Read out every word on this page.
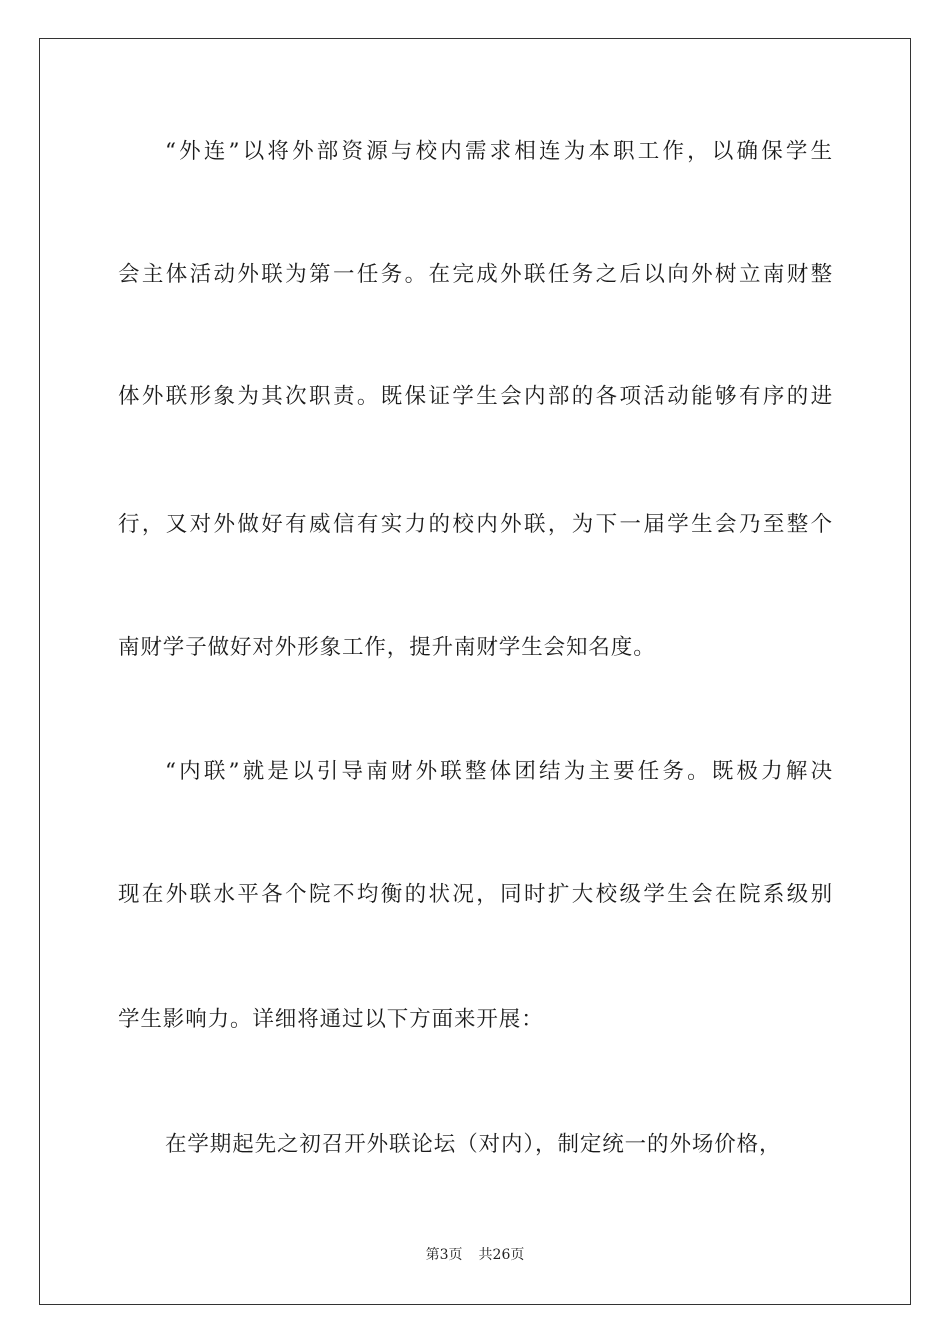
“外连”以将外部资源与校内需求相连为本职工作，以确保学生
会主体活动外联为第一任务。在完成外联任务之后以向外树立南财整
体外联形象为其次职责。既保证学生会内部的各项活动能够有序的进
行，又对外做好有威信有实力的校内外联，为下一届学生会乃至整个
南财学子做好对外形象工作，提升南财学生会知名度。
“内联”就是以引导南财外联整体团结为主要任务。既极力解决
现在外联水平各个院不均衡的状况，同时扩大校级学生会在院系级别
学生影响力。详细将通过以下方面来开展：
在学期起先之初召开外联论坛（对内），制定统一的外场价格，
第3页 共26页
